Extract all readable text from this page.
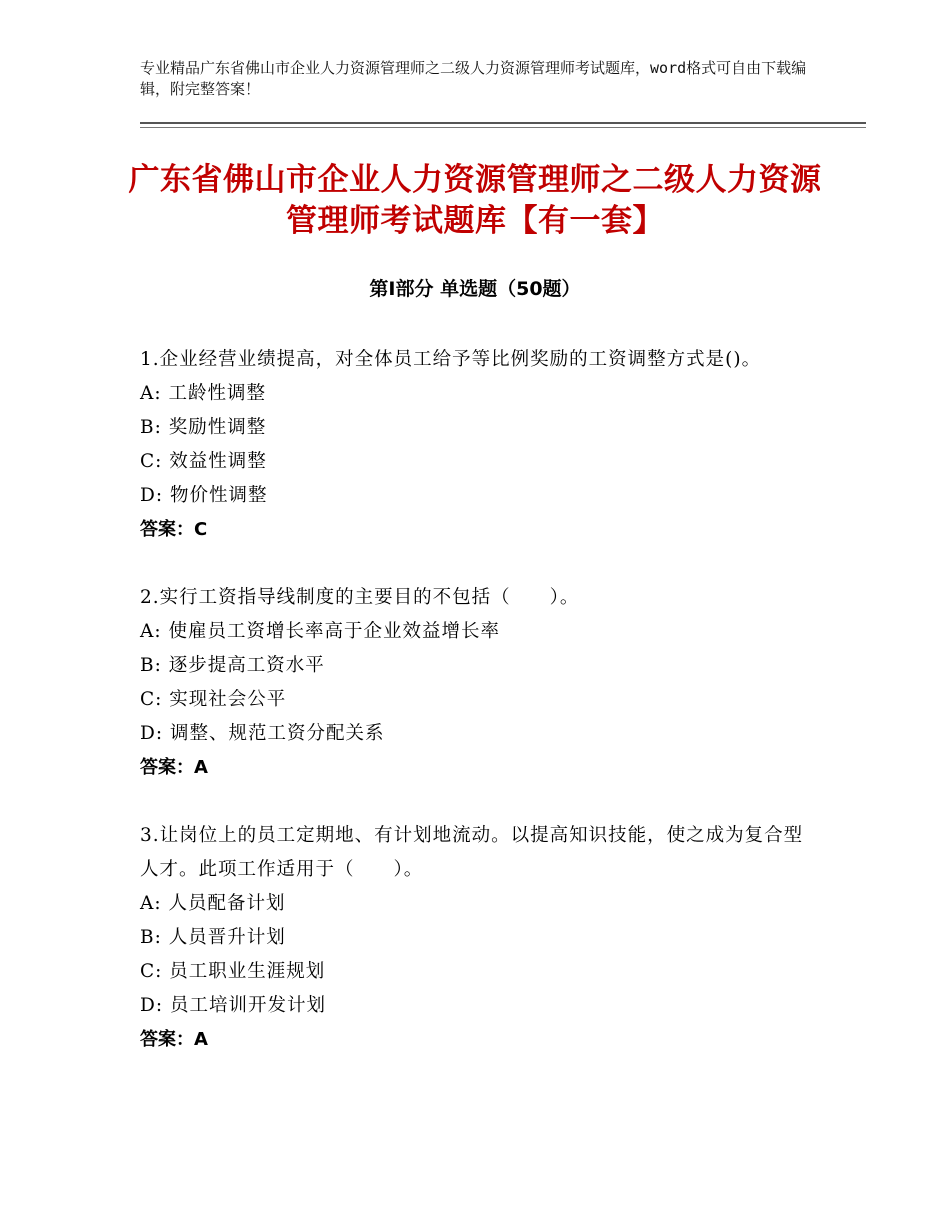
专业精品广东省佛山市企业人力资源管理师之二级人力资源管理师考试题库，word格式可自由下载编辑，附完整答案！
广东省佛山市企业人力资源管理师之二级人力资源管理师考试题库【有一套】
第Ⅰ部分 单选题（50题）
1.企业经营业绩提高，对全体员工给予等比例奖励的工资调整方式是()。
A: 工龄性调整
B: 奖励性调整
C: 效益性调整
D: 物价性调整
答案：C
2.实行工资指导线制度的主要目的不包括（　　）。
A: 使雇员工资增长率高于企业效益增长率
B: 逐步提高工资水平
C: 实现社会公平
D: 调整、规范工资分配关系
答案：A
3.让岗位上的员工定期地、有计划地流动。以提高知识技能，使之成为复合型人才。此项工作适用于（　　）。
A: 人员配备计划
B: 人员晋升计划
C: 员工职业生涯规划
D: 员工培训开发计划
答案：A
